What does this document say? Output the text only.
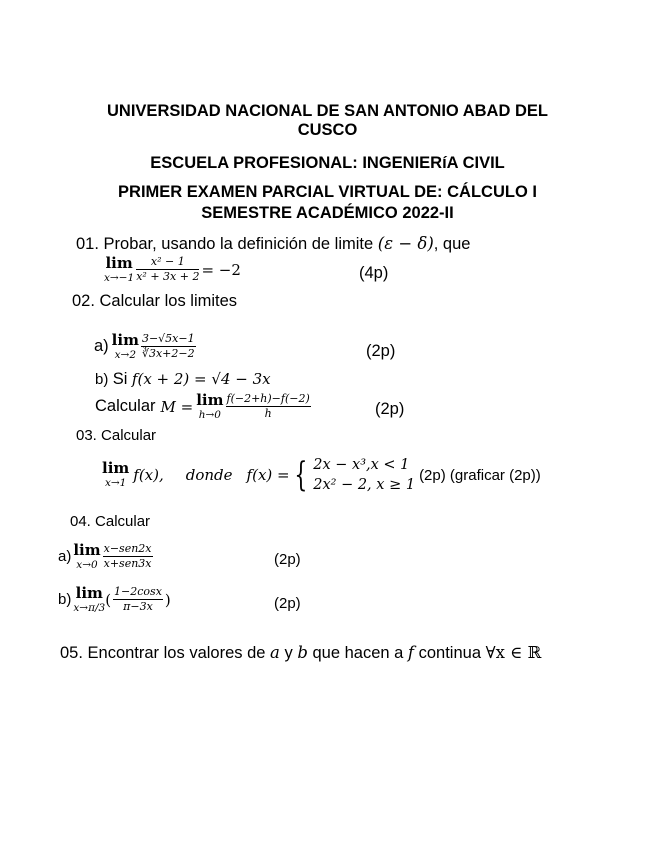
UNIVERSIDAD NACIONAL DE SAN ANTONIO ABAD DEL CUSCO
ESCUELA PROFESIONAL: INGENIERíA CIVIL
PRIMER EXAMEN PARCIAL VIRTUAL DE: CÁLCULO I
SEMESTRE ACADÉMICO 2022-II
01. Probar, usando la definición de limite (ε − δ), que
lim
$x\to-1 \frac{\text{x² − 1}}{\text{x² + 3x + 2}} = -2$	(4p)
02. Calcular los limites
a) lim
$x\to 2 \frac{3-√5x-1}{∛3x+2-2}$	(2p)
b) Si f(x + 2) = √4 − 3x
Calcular M = lim
$h\to 0 \frac{f(-2+h)-f(-2)}{h}$	(2p)
03. Calcular
lim
x→1 f(x), donde f(x) = { 2x − x³,x < 1
2x² − 2, x ≥ 1
(2p) (graficar (2p))
04. Calcular
a) lim
$x\to 0 \frac{\text{x−sen2x}}{\text{x+sen3x}}$	(2p)
b) lim
x→π/3 ( $\frac{1-2\cos x}{\pi-3x}$ )	(2p)
05. Encontrar los valores de a y b que hacen a f continua ∀x ∈ ℝ
